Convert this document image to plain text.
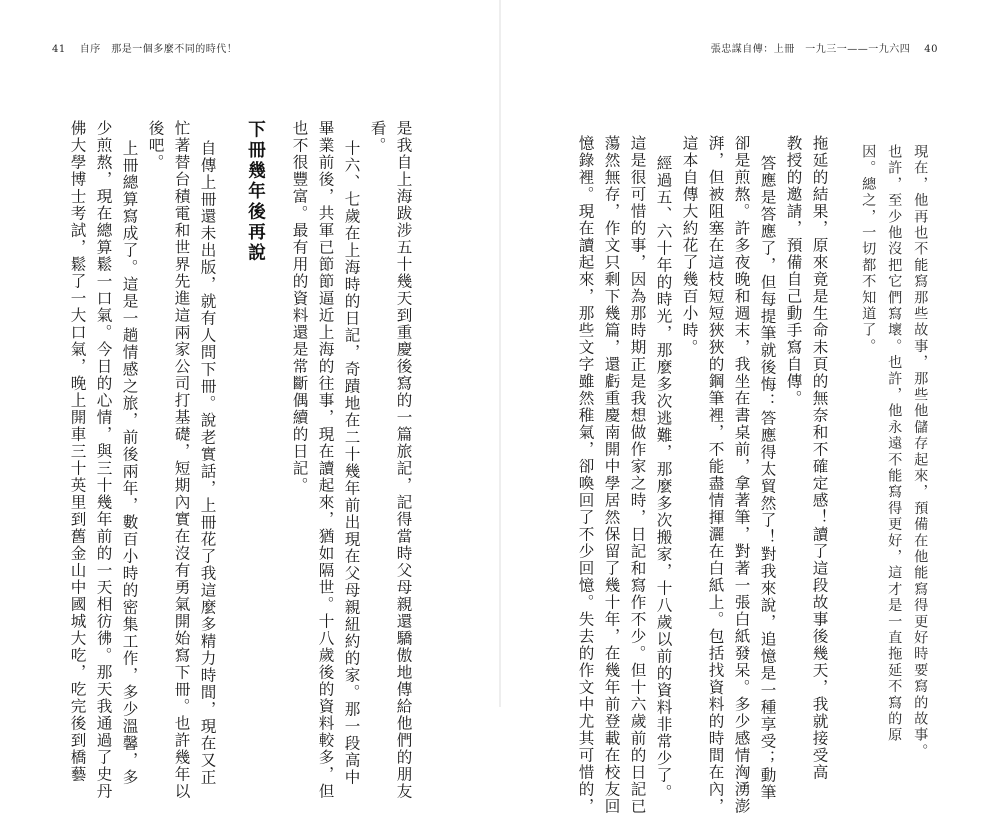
41 自序　那是一個多麼不同的時代！	張忠謀自傳：上冊　一九三一——一九六四 40
現在，他再也不能寫那些故事，那些他儲存起來，預備在他能寫得更好時要寫的故事。
也許，至少他沒把它們寫壞。也許，他永遠不能寫得更好，這才是一直拖延不寫的原
因。總之，一切都不知道了。
拖延的結果，原來竟是生命未頁的無奈和不確定感！讀了這段故事後幾天，我就接受高
教授的邀請，預備自己動手寫自傳。
答應是答應了，但每提筆就後悔：答應得太貿然了！對我來說，追憶是一種享受；動筆
卻是煎熬。許多夜晚和週末，我坐在書桌前，拿著筆，對著一張白紙發呆。多少感情洶湧澎
湃，但被阻塞在這枝短短狹狹的鋼筆裡，不能盡情揮灑在白紙上。包括找資料的時間在內，
這本自傳大約花了幾百小時。
經過五、六十年的時光，那麼多次逃難，那麼多次搬家，十八歲以前的資料非常少了。
這是很可惜的事，因為那時期正是我想做作家之時，日記和寫作不少。但十六歲前的日記已
蕩然無存，作文只剩下幾篇，還虧重慶南開中學居然保留了幾十年，在幾年前登載在校友回
憶錄裡。現在讀起來，那些文字雖然稚氣，卻喚回了不少回憶。失去的作文中尤其可惜的，
是我自上海跋涉五十幾天到重慶後寫的一篇旅記，記得當時父母親還驕傲地傳給他們的朋友
看。
十六、七歲在上海時的日記，奇蹟地在二十幾年前出現在父母親紐約的家。那一段高中
畢業前後，共軍已節節逼近上海的往事，現在讀起來，猶如隔世。十八歲後的資料較多，但
也不很豐富。最有用的資料還是常斷偶續的日記。
下冊幾年後再說
自傳上冊還未出版，就有人問下冊。說老實話，上冊花了我這麼多精力時間，現在又正
忙著替台積電和世界先進這兩家公司打基礎，短期內實在沒有勇氣開始寫下冊。也許幾年以
後吧。
上冊總算寫成了。這是一趟情感之旅，前後兩年，數百小時的密集工作，多少溫馨，多
少煎熬，現在總算鬆一口氣。今日的心情，與三十幾年前的一天相彷彿。那天我通過了史丹
佛大學博士考試，鬆了一大口氣，晚上開車三十英里到舊金山中國城大吃，吃完後到橋藝
